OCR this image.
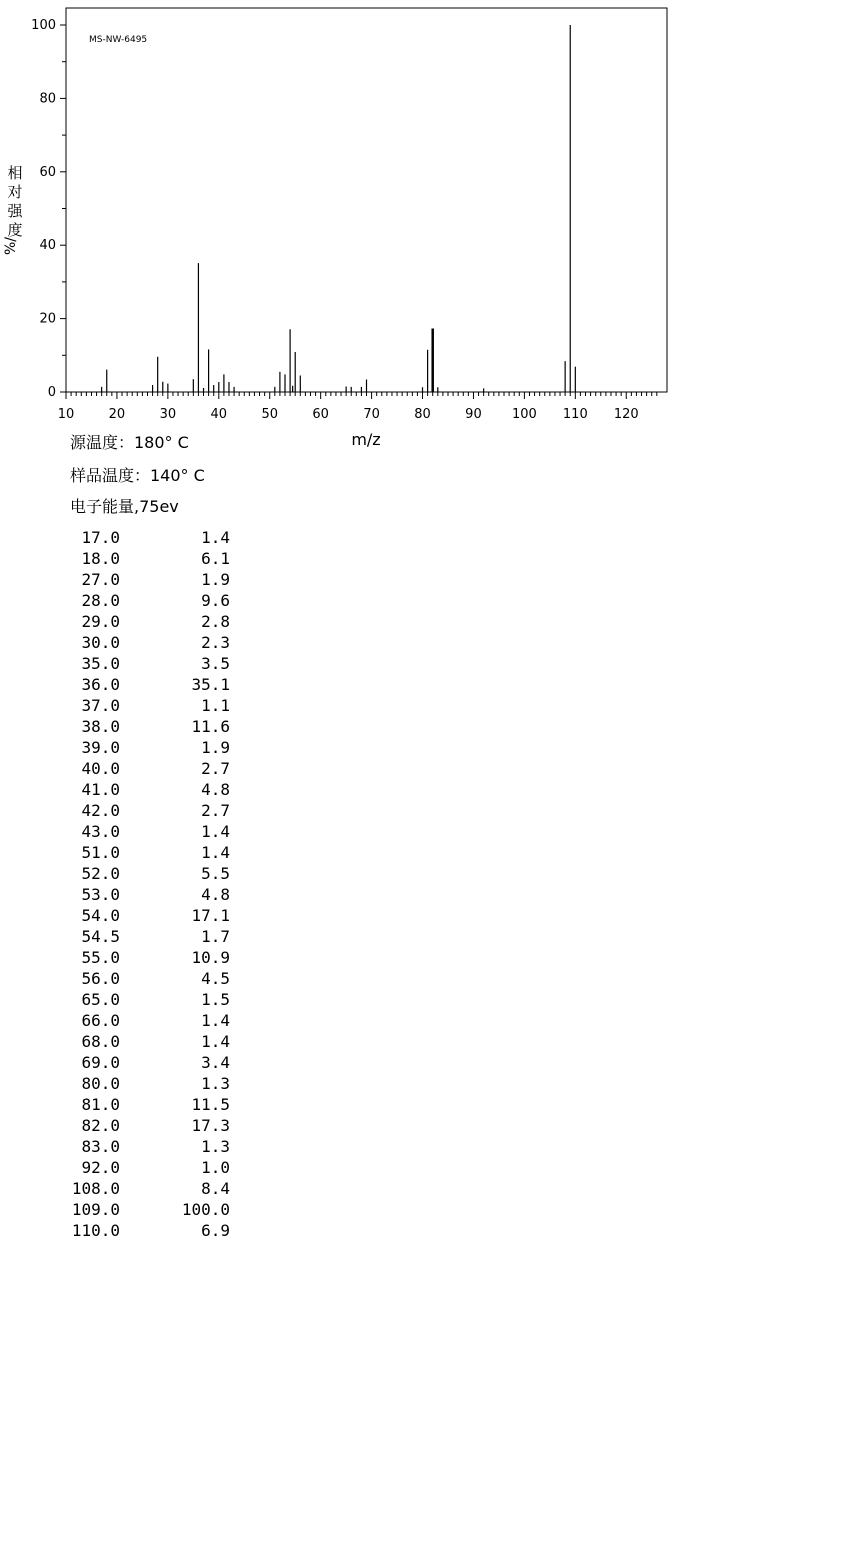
MS-NW-6495
相
对
强
度
%/
0
20
40
60
80
100
10	20	30	40	50	60	70	80	90 100 110 120
m/z
源温度：180° C
样品温度：140° C
电子能量,75ev
17.0	1.4
18.0	6.1
27.0	1.9
28.0	9.6
29.0	2.8
30.0	2.3
35.0	3.5
36.0	35.1
37.0	1.1
38.0	11.6
39.0	1.9
40.0	2.7
41.0	4.8
42.0	2.7
43.0	1.4
51.0	1.4
52.0	5.5
53.0	4.8
54.0	17.1
54.5	1.7
55.0	10.9
56.0	4.5
65.0	1.5
66.0	1.4
68.0	1.4
69.0	3.4
80.0	1.3
81.0	11.5
82.0	17.3
83.0	1.3
92.0	1.0
108.0	8.4
109.0	100.0
110.0	6.9
